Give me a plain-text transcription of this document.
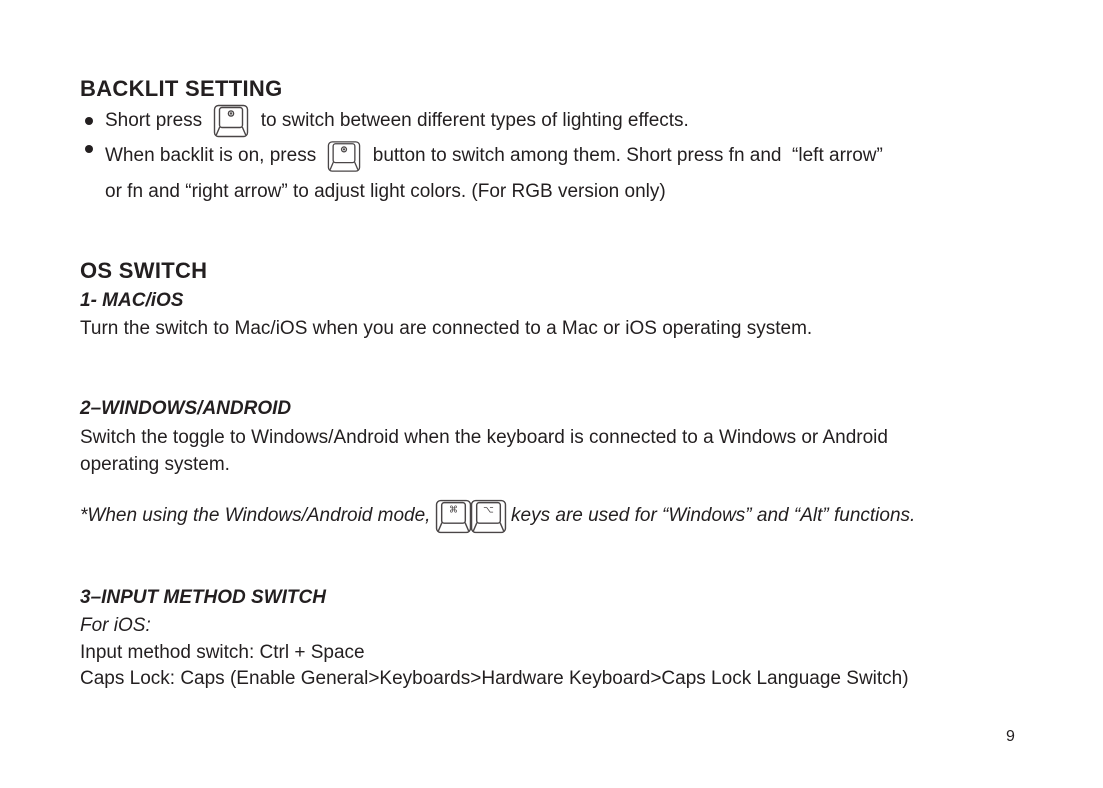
BACKLIT SETTING
Short press	to switch between different types of lighting effects.
When backlit is on, press button to switch among them. Short press fn and  “left arrow”
or fn and “right arrow” to adjust light colors. (For RGB version only)
OS SWITCH
1- MAC/iOS
Turn the switch to Mac/iOS when you are connected to a Mac or iOS operating system.
2–WINDOWS/ANDROID
Switch the toggle to Windows/Android when the keyboard is connected to a Windows or Android
operating system.
*When using the Windows/Android mode, ⌘	⌥ keys are used for “Windows” and “Alt” functions.
3–INPUT METHOD SWITCH
For iOS:
Input method switch: Ctrl + Space
Caps Lock: Caps (Enable General>Keyboards>Hardware Keyboard>Caps Lock Language Switch)
9
